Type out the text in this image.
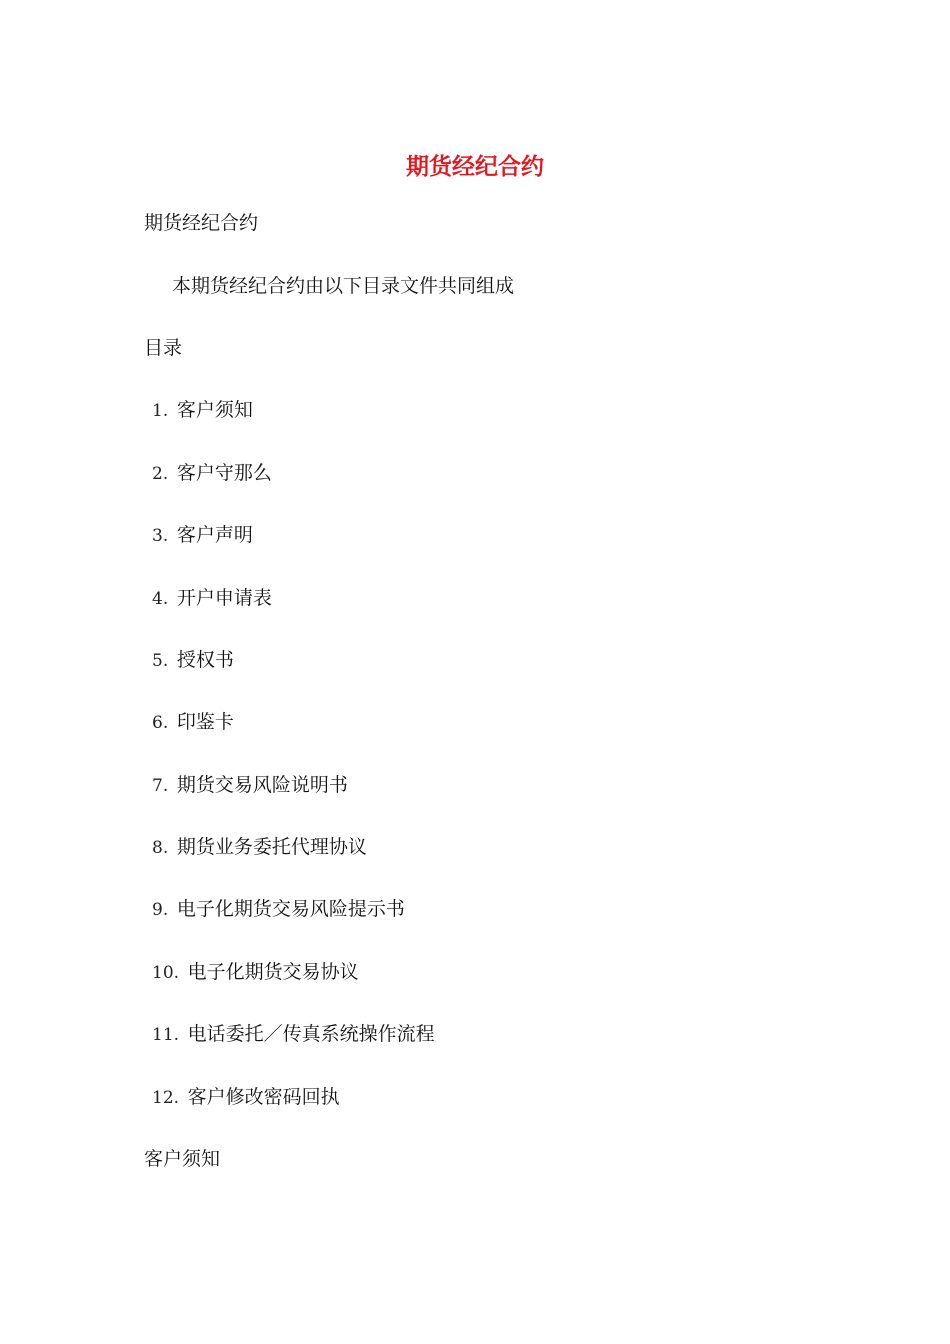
期货经纪合约

期货经纪合约

本期货经纪合约由以下目录文件共同组成

目录

1. 客户须知
2. 客户守那么
3. 客户声明
4. 开户申请表
5. 授权书
6. 印鉴卡
7. 期货交易风险说明书
8. 期货业务委托代理协议
9. 电子化期货交易风险提示书
10. 电子化期货交易协议
11. 电话委托／传真系统操作流程
12. 客户修改密码回执

客户须知
